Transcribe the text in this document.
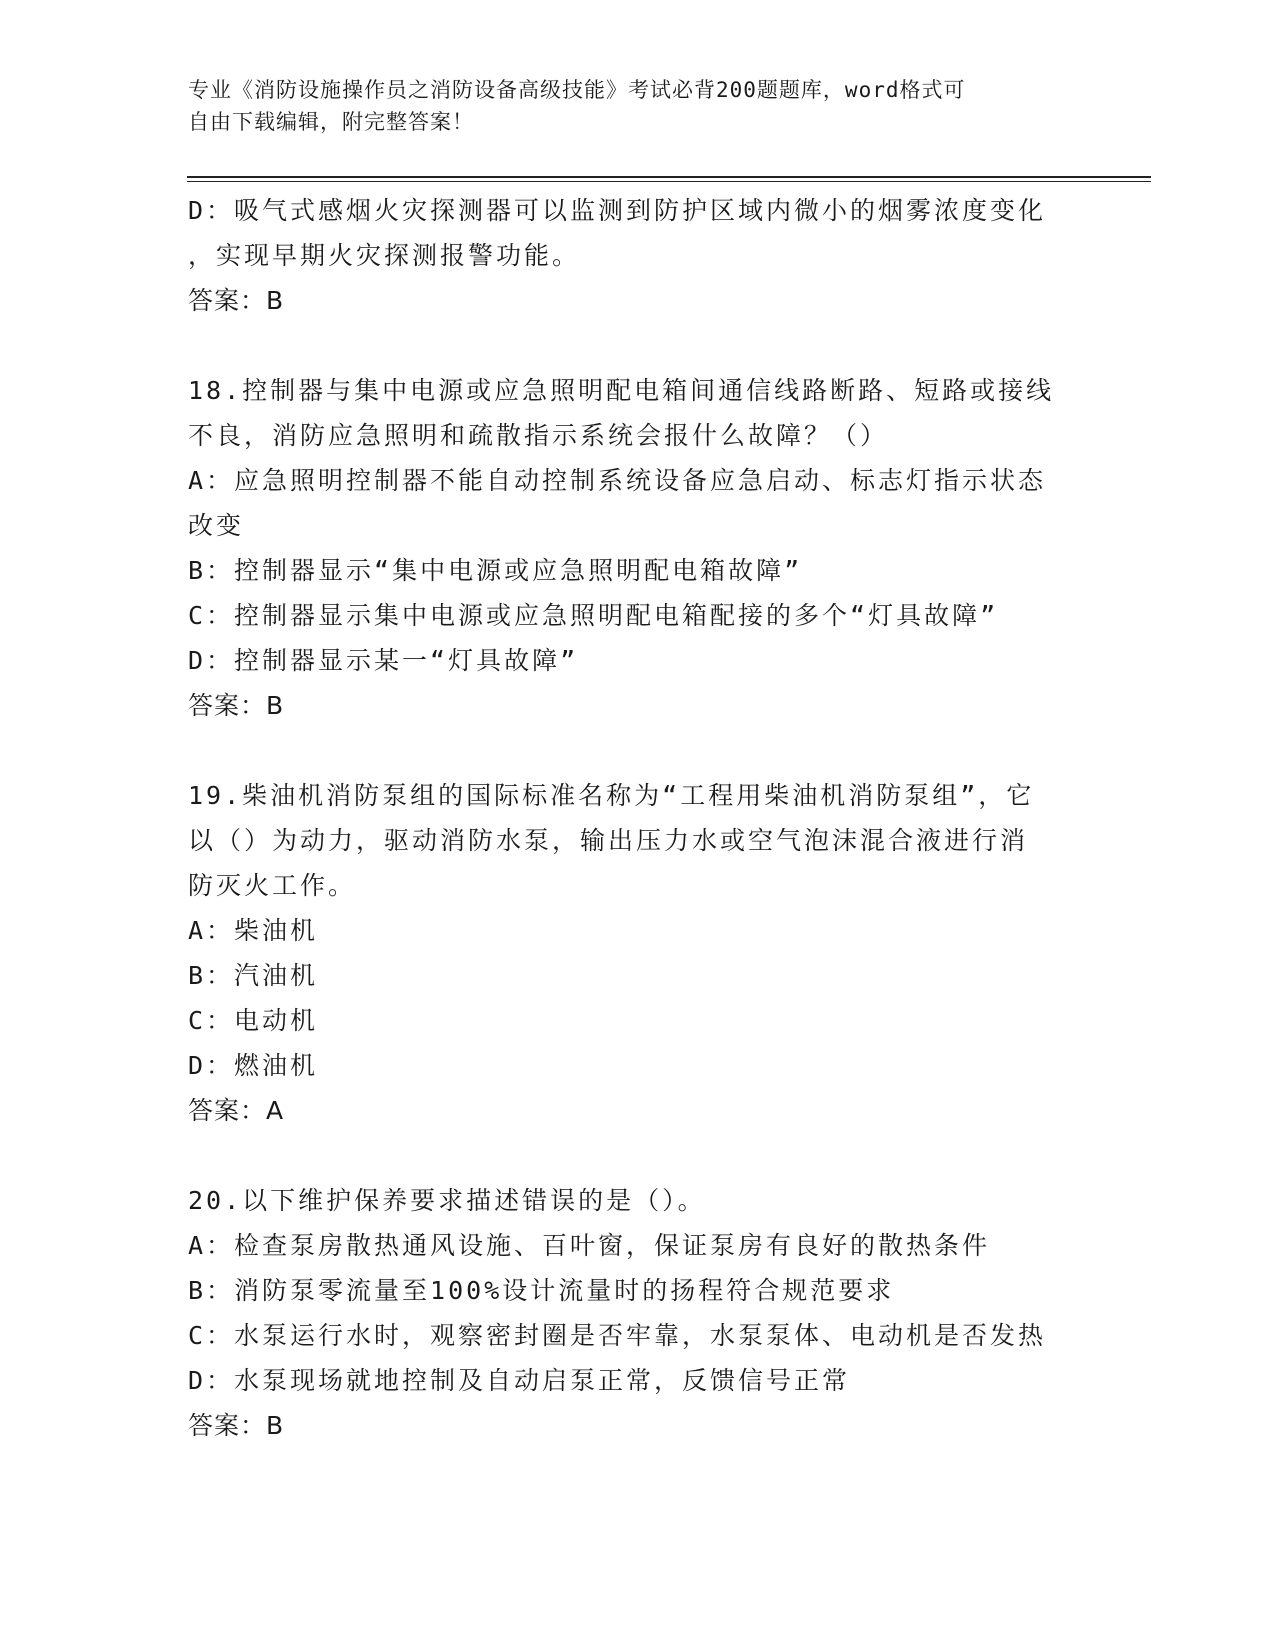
专业《消防设施操作员之消防设备高级技能》考试必背200题题库，word格式可
自由下载编辑，附完整答案！
D：吸气式感烟火灾探测器可以监测到防护区域内微小的烟雾浓度变化
，实现早期火灾探测报警功能。
答案：B
18.控制器与集中电源或应急照明配电箱间通信线路断路、短路或接线
不良，消防应急照明和疏散指示系统会报什么故障？（）
A：应急照明控制器不能自动控制系统设备应急启动、标志灯指示状态
改变
B：控制器显示“集中电源或应急照明配电箱故障”
C：控制器显示集中电源或应急照明配电箱配接的多个“灯具故障”
D：控制器显示某一“灯具故障”
答案：B
19.柴油机消防泵组的国际标准名称为“工程用柴油机消防泵组”，它
以（）为动力，驱动消防水泵，输出压力水或空气泡沫混合液进行消
防灭火工作。
A：柴油机
B：汽油机
C：电动机
D：燃油机
答案：A
20.以下维护保养要求描述错误的是（）。
A：检查泵房散热通风设施、百叶窗，保证泵房有良好的散热条件
B：消防泵零流量至100%设计流量时的扬程符合规范要求
C：水泵运行水时，观察密封圈是否牢靠，水泵泵体、电动机是否发热
D：水泵现场就地控制及自动启泵正常，反馈信号正常
答案：B
